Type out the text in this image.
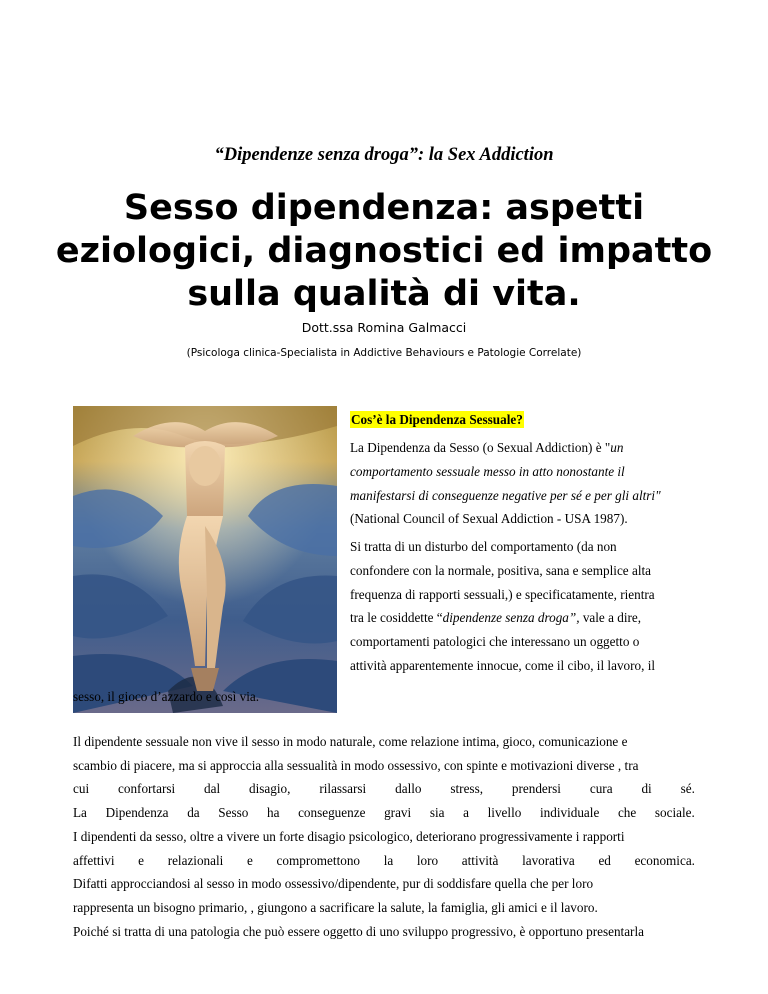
“Dipendenze senza droga”: la Sex Addiction
Sesso dipendenza: aspetti
eziologici, diagnostici ed impatto
sulla qualità di vita.
Dott.ssa Romina Galmacci
(Psicologa clinica-Specialista in Addictive Behaviours e Patologie Correlate)
Cos’è la Dipendenza Sessuale?
La Dipendenza da Sesso (o Sexual Addiction) è "un
comportamento sessuale messo in atto nonostante il
manifestarsi di conseguenze negative per sé e per gli altri"
(National Council of Sexual Addiction - USA 1987).
Si tratta di un disturbo del comportamento (da non
confondere con la normale, positiva, sana e semplice alta
frequenza di rapporti sessuali,) e specificatamente, rientra
tra le cosiddette “dipendenze senza droga”, vale a dire,
comportamenti patologici che interessano un oggetto o
attività apparentemente innocue, come il cibo, il lavoro, il
sesso, il gioco d’azzardo e così via.
Il dipendente sessuale non vive il sesso in modo naturale, come relazione intima, gioco, comunicazione e
scambio di piacere, ma si approccia alla sessualità in modo ossessivo, con spinte e motivazioni diverse , tra
cui confortarsi dal disagio, rilassarsi dallo stress, prendersi cura di sé.
La Dipendenza da Sesso ha conseguenze gravi sia a livello individuale che sociale.
I dipendenti da sesso, oltre a vivere un forte disagio psicologico, deteriorano progressivamente i rapporti
affettivi e relazionali e compromettono la loro attività lavorativa ed economica.
Difatti approcciandosi al sesso in modo ossessivo/dipendente, pur di soddisfare quella che per loro
rappresenta un bisogno primario, , giungono a sacrificare la salute, la famiglia, gli amici e il lavoro.
Poiché si tratta di una patologia che può essere oggetto di uno sviluppo progressivo, è opportuno presentarla
